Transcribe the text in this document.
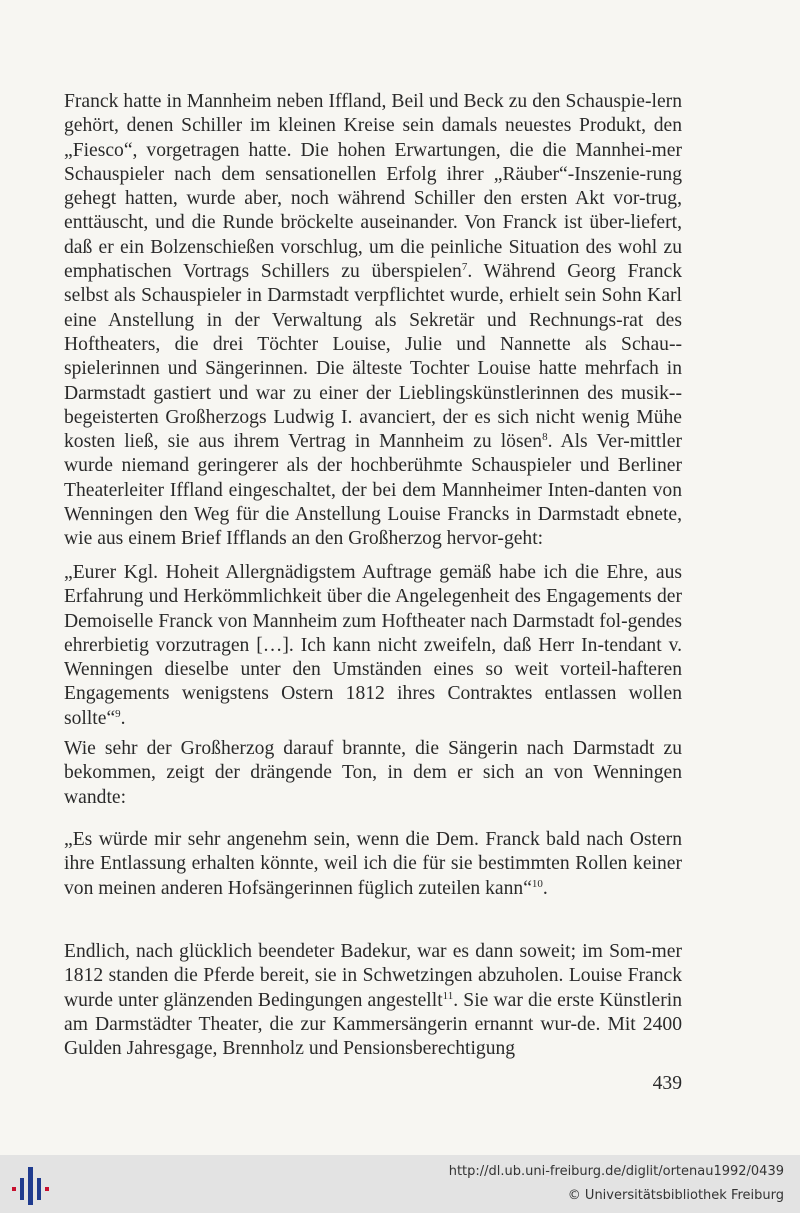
Franck hatte in Mannheim neben Iffland, Beil und Beck zu den Schauspie-lern gehört, denen Schiller im kleinen Kreise sein damals neuestes Produkt, den „Fiesco“, vorgetragen hatte. Die hohen Erwartungen, die die Mannhei-mer Schauspieler nach dem sensationellen Erfolg ihrer „Räuber“-Inszenie-rung gehegt hatten, wurde aber, noch während Schiller den ersten Akt vor-trug, enttäuscht, und die Runde bröckelte auseinander. Von Franck ist über-liefert, daß er ein Bolzenschießen vorschlug, um die peinliche Situation des wohl zu emphatischen Vortrags Schillers zu überspielen$^7$. Während Georg Franck selbst als Schauspieler in Darmstadt verpflichtet wurde, erhielt sein Sohn Karl eine Anstellung in der Verwaltung als Sekretär und Rechnungs-rat des Hoftheaters, die drei Töchter Louise, Julie und Nannette als Schau-spielerinnen und Sängerinnen. Die älteste Tochter Louise hatte mehrfach in Darmstadt gastiert und war zu einer der Lieblingskünstlerinnen des musik-begeisterten Großherzogs Ludwig I. avanciert, der es sich nicht wenig Mühe kosten ließ, sie aus ihrem Vertrag in Mannheim zu lösen$^8$. Als Ver-mittler wurde niemand geringerer als der hochberühmte Schauspieler und Berliner Theaterleiter Iffland eingeschaltet, der bei dem Mannheimer Inten-danten von Wenningen den Weg für die Anstellung Louise Francks in Darmstadt ebnete, wie aus einem Brief Ifflands an den Großherzog hervor-geht:

„Eurer Kgl. Hoheit Allergnädigstem Auftrage gemäß habe ich die Ehre, aus Erfahrung und Herkömmlichkeit über die Angelegenheit des Engagements der Demoiselle Franck von Mannheim zum Hoftheater nach Darmstadt fol-gendes ehrerbietig vorzutragen […]. Ich kann nicht zweifeln, daß Herr In-tendant v. Wenningen dieselbe unter den Umständen eines so weit vorteil-hafteren Engagements wenigstens Ostern 1812 ihres Contraktes entlassen wollen sollte“$^9$.

Wie sehr der Großherzog darauf brannte, die Sängerin nach Darmstadt zu bekommen, zeigt der drängende Ton, in dem er sich an von Wenningen wandte:

„Es würde mir sehr angenehm sein, wenn die Dem. Franck bald nach Ostern ihre Entlassung erhalten könnte, weil ich die für sie bestimmten Rollen keiner von meinen anderen Hofsängerinnen füglich zuteilen kann“$^{10}$.

Endlich, nach glücklich beendeter Badekur, war es dann soweit; im Som-mer 1812 standen die Pferde bereit, sie in Schwetzingen abzuholen. Louise Franck wurde unter glänzenden Bedingungen angestellt$^{11}$. Sie war die erste Künstlerin am Darmstädter Theater, die zur Kammersängerin ernannt wur-de. Mit 2400 Gulden Jahresgage, Brennholz und Pensionsberechtigung

439
http://dl.ub.uni-freiburg.de/diglit/ortenau1992/0439
© Universitätsbibliothek Freiburg
